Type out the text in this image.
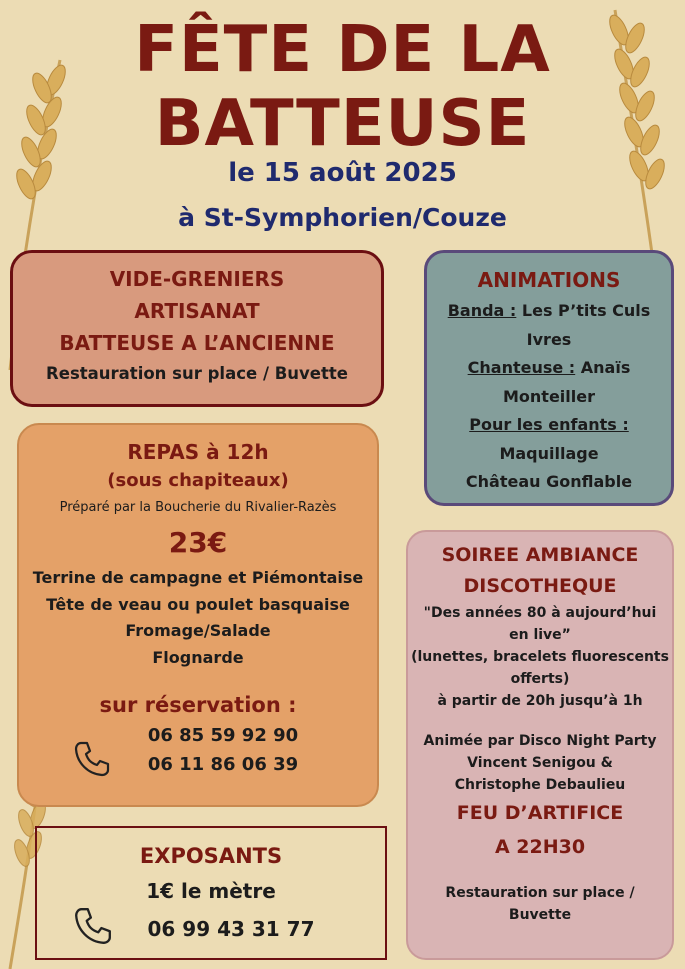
FÊTE DE LA
BATTEUSE
le 15 août 2025
à St-Symphorien/Couze
VIDE-GRENIERS
ARTISANAT
BATTEUSE A L’ANCIENNE
Restauration sur place / Buvette
ANIMATIONS
Banda : Les P’tits Culs
Ivres
Chanteuse : Anaïs
Monteiller
Pour les enfants :
Maquillage
Château Gonflable
REPAS à 12h
(sous chapiteaux)
Préparé par la Boucherie du Rivalier-Razès
23€
Terrine de campagne et Piémontaise
Tête de veau ou poulet basquaise
Fromage/Salade
Flognarde
sur réservation :
06 85 59 92 90
06 11 86 06 39
SOIREE AMBIANCE
DISCOTHEQUE
"Des années 80 à aujourd’hui
en live”
(lunettes, bracelets fluorescents
offerts)
à partir de 20h jusqu’à 1h
Animée par Disco Night Party
Vincent Senigou &
Christophe Debaulieu
FEU D’ARTIFICE
A 22H30
Restauration sur place /
Buvette
EXPOSANTS
1€ le mètre
06 99 43 31 77
